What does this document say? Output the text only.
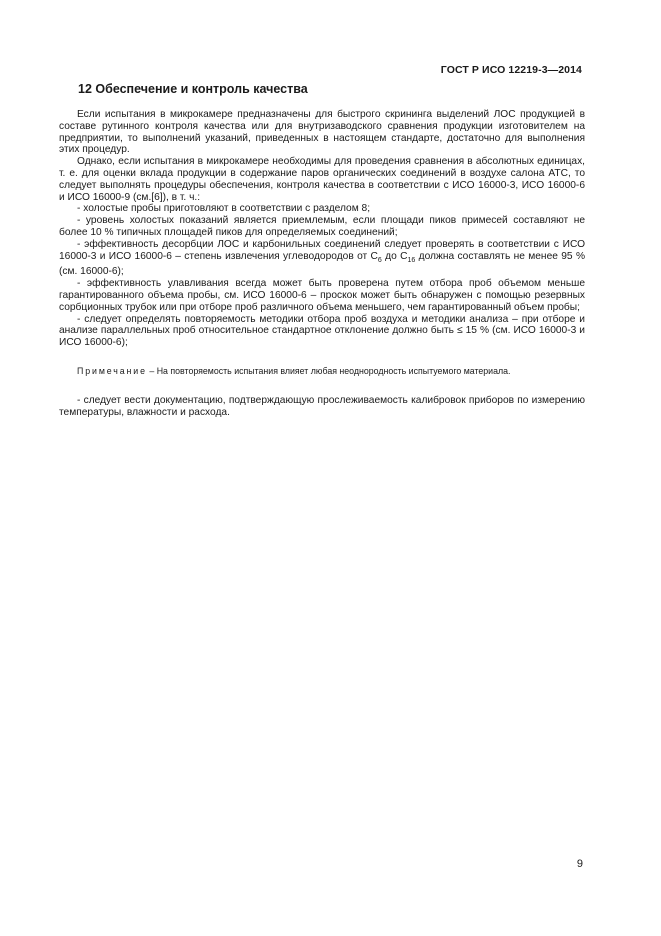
ГОСТ Р ИСО 12219-3—2014
12 Обеспечение и контроль качества

Если испытания в микрокамере предназначены для быстрого скрининга выделений ЛОС продукцией в составе рутинного контроля качества или для внутризаводского сравнения продукции изготовителем на предприятии, то выполнений указаний, приведенных в настоящем стандарте, достаточно для выполнения этих процедур.

Однако, если испытания в микрокамере необходимы для проведения сравнения в абсолютных единицах, т. е. для оценки вклада продукции в содержание паров органических соединений в воздухе салона АТС, то следует выполнять процедуры обеспечения, контроля качества в соответствии с ИСО 16000-3, ИСО 16000-6 и ИСО 16000-9 (см.[6]), в т. ч.:

- холостые пробы приготовляют в соответствии с разделом 8;

- уровень холостых показаний является приемлемым, если площади пиков примесей составляют не более 10 % типичных площадей пиков для определяемых соединений;

- эффективность десорбции ЛОС и карбонильных соединений следует проверять в соответствии с ИСО 16000-3 и ИСО 16000-6 – степень извлечения углеводородов от $C_6$ до $C_{16}$ должна составлять не менее 95 % (см. 16000-6);

- эффективность улавливания всегда может быть проверена путем отбора проб объемом меньше гарантированного объема пробы, см. ИСО 16000-6 – проскок может быть обнаружен с помощью резервных сорбционных трубок или при отборе проб различного объема меньшего, чем гарантированный объем пробы;

- следует определять повторяемость методики отбора проб воздуха и методики анализа – при отборе и анализе параллельных проб относительное стандартное отклонение должно быть ≤ 15 % (см. ИСО 16000-3 и ИСО 16000-6);

Примечание – На повторяемость испытания влияет любая неоднородность испытуемого материала.

- следует вести документацию, подтверждающую прослеживаемость калибровок приборов по измерению температуры, влажности и расхода.

9
